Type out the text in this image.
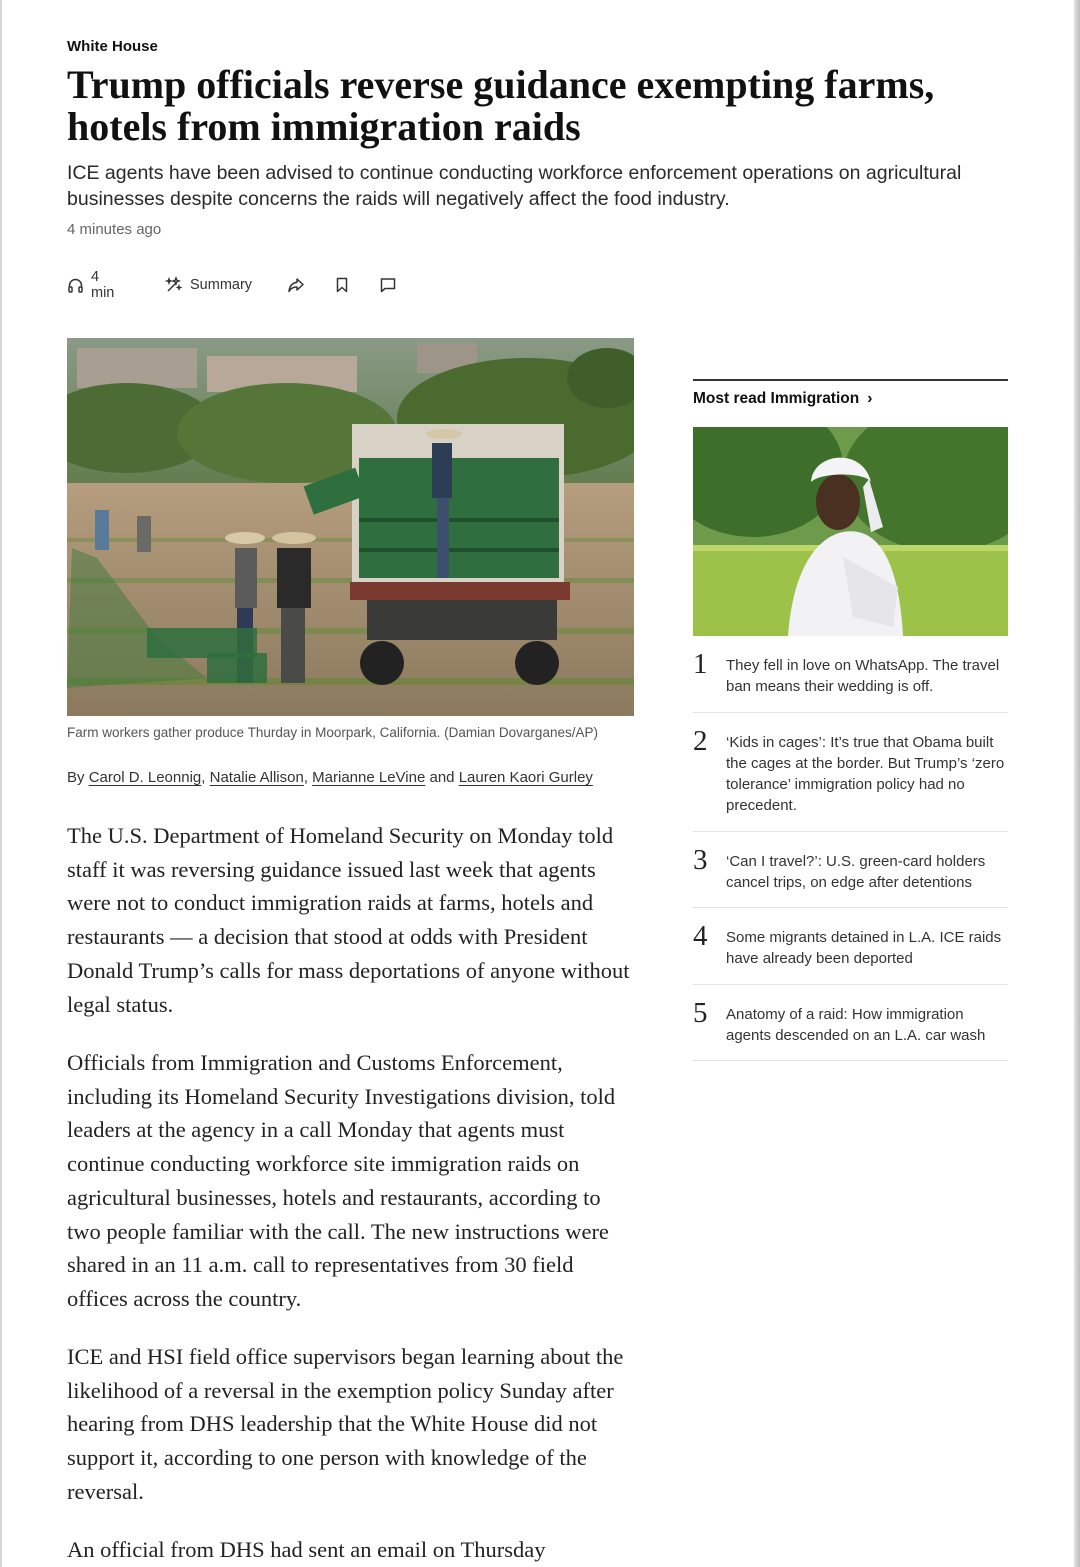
White House
Trump officials reverse guidance exempting farms, hotels from immigration raids

ICE agents have been advised to continue conducting workforce enforcement operations on agricultural businesses despite concerns the raids will negatively affect the food industry.

4 minutes ago
4 min	Summary
Farm workers gather produce Thurday in Moorpark, California. (Damian Dovarganes/AP)
By Carol D. Leonnig, Natalie Allison, Marianne LeVine and Lauren Kaori Gurley

The U.S. Department of Homeland Security on Monday told staff it was reversing guidance issued last week that agents were not to conduct immigration raids at farms, hotels and restaurants — a decision that stood at odds with President Donald Trump’s calls for mass deportations of anyone without legal status.

Officials from Immigration and Customs Enforcement, including its Homeland Security Investigations division, told leaders at the agency in a call Monday that agents must continue conducting workforce site immigration raids on agricultural businesses, hotels and restaurants, according to two people familiar with the call. The new instructions were shared in an 11 a.m. call to representatives from 30 field offices across the country.

ICE and HSI field office supervisors began learning about the likelihood of a reversal in the exemption policy Sunday after hearing from DHS leadership that the White House did not support it, according to one person with knowledge of the reversal.

An official from DHS had sent an email on Thursday

Most read Immigration ›
1 They fell in love on WhatsApp. The travel ban means their wedding is off.
2 ‘Kids in cages’: It’s true that Obama built the cages at the border. But Trump’s ‘zero tolerance’ immigration policy had no precedent.
3 ‘Can I travel?’: U.S. green-card holders cancel trips, on edge after detentions
4 Some migrants detained in L.A. ICE raids have already been deported
5 Anatomy of a raid: How immigration agents descended on an L.A. car wash
